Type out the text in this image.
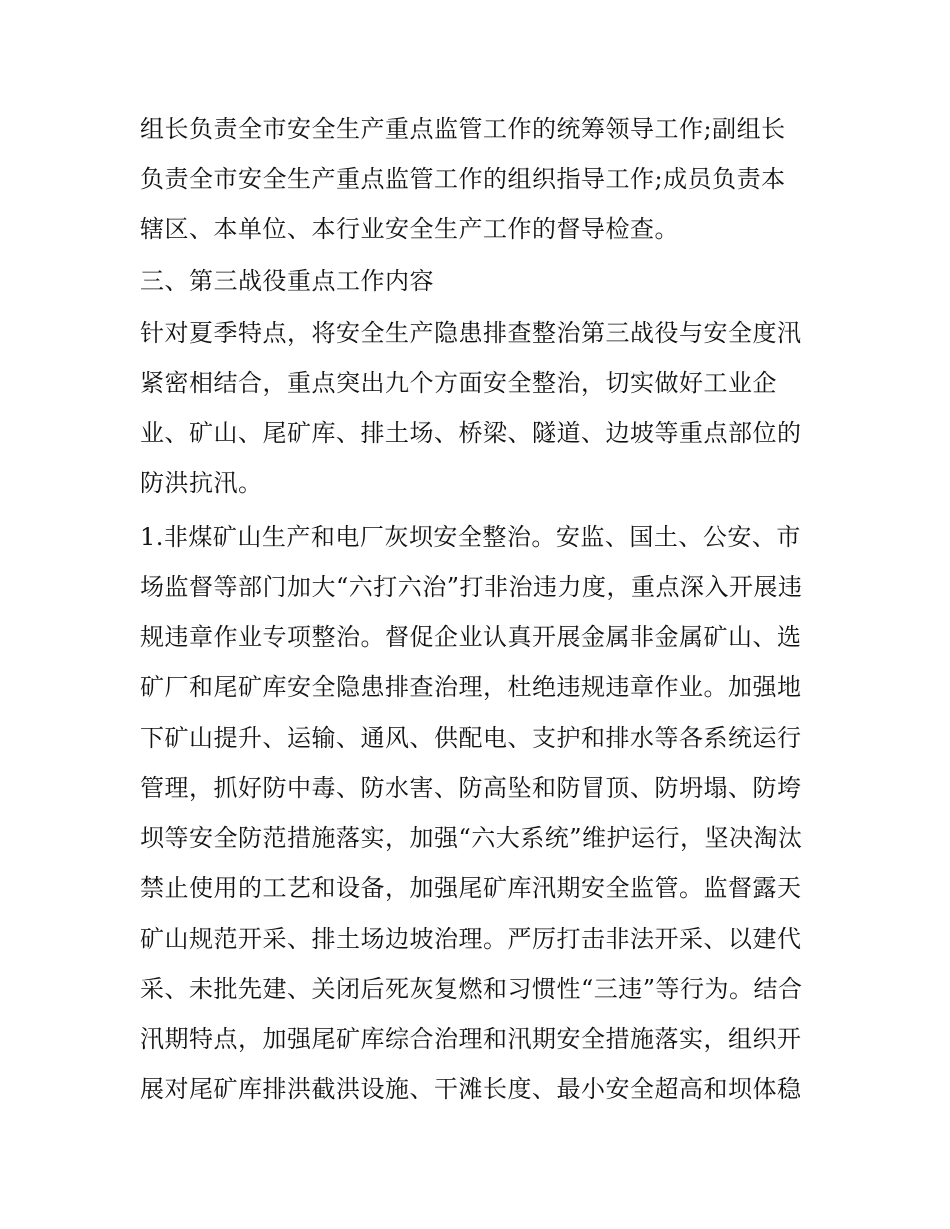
组长负责全市安全生产重点监管工作的统筹领导工作;副组长

负责全市安全生产重点监管工作的组织指导工作;成员负责本

辖区、本单位、本行业安全生产工作的督导检查。

三、第三战役重点工作内容

针对夏季特点，将安全生产隐患排查整治第三战役与安全度汛

紧密相结合，重点突出九个方面安全整治，切实做好工业企

业、矿山、尾矿库、排土场、桥梁、隧道、边坡等重点部位的

防洪抗汛。

1.非煤矿山生产和电厂灰坝安全整治。安监、国土、公安、市

场监督等部门加大“六打六治”打非治违力度，重点深入开展违

规违章作业专项整治。督促企业认真开展金属非金属矿山、选

矿厂和尾矿库安全隐患排查治理，杜绝违规违章作业。加强地

下矿山提升、运输、通风、供配电、支护和排水等各系统运行

管理，抓好防中毒、防水害、防高坠和防冒顶、防坍塌、防垮

坝等安全防范措施落实，加强“六大系统”维护运行，坚决淘汰

禁止使用的工艺和设备，加强尾矿库汛期安全监管。监督露天

矿山规范开采、排土场边坡治理。严厉打击非法开采、以建代

采、未批先建、关闭后死灰复燃和习惯性“三违”等行为。结合

汛期特点，加强尾矿库综合治理和汛期安全措施落实，组织开

展对尾矿库排洪截洪设施、干滩长度、最小安全超高和坝体稳
